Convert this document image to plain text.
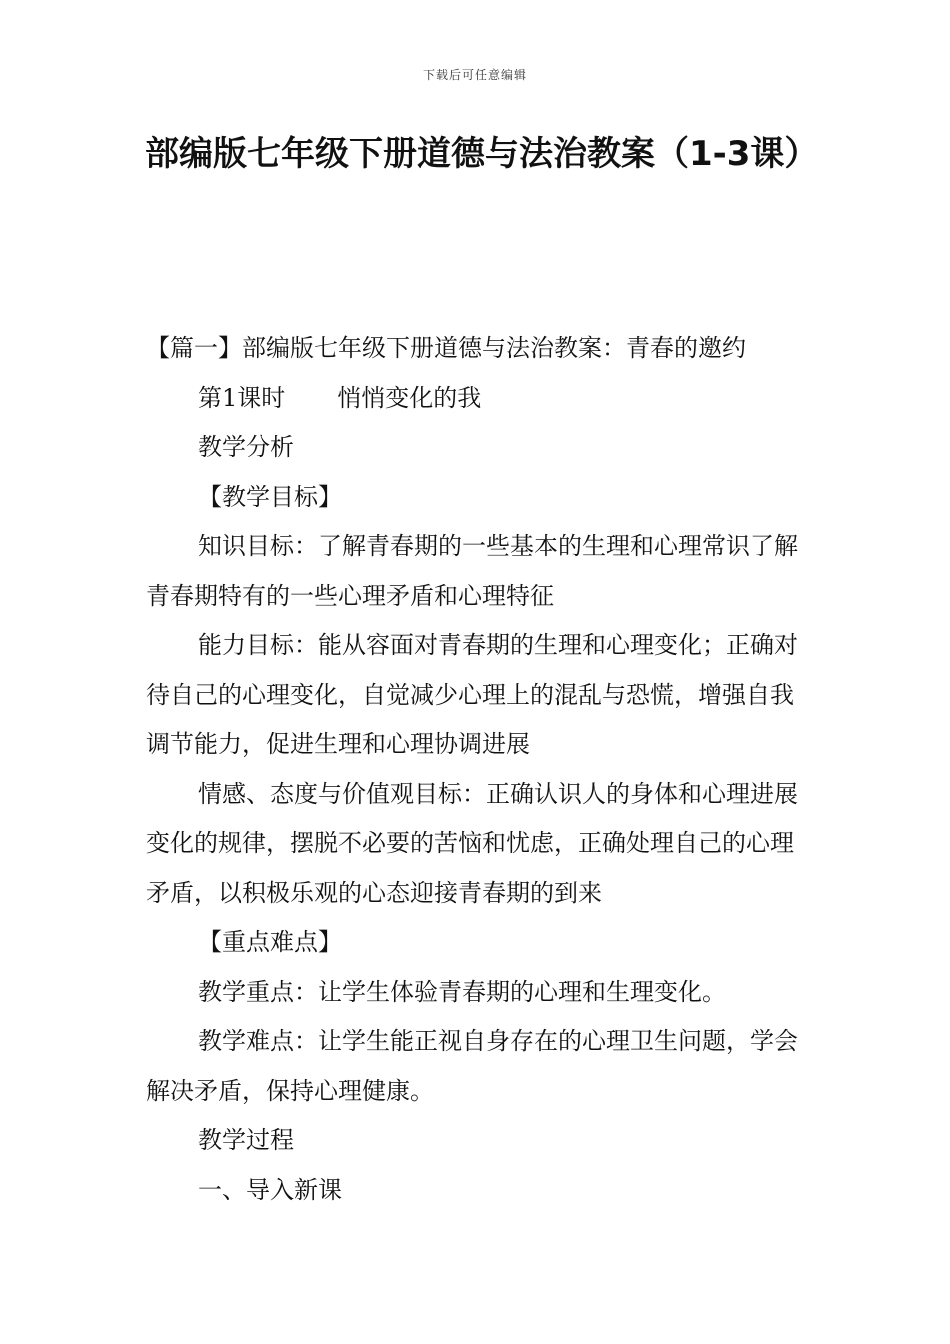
下载后可任意编辑
部编版七年级下册道德与法治教案（1-3课）

【篇一】部编版七年级下册道德与法治教案：青春的邀约

第1课时 悄悄变化的我

教学分析

【教学目标】

知识目标：了解青春期的一些基本的生理和心理常识了解青春期特有的一些心理矛盾和心理特征

能力目标：能从容面对青春期的生理和心理变化；正确对待自己的心理变化，自觉减少心理上的混乱与恐慌，增强自我调节能力，促进生理和心理协调进展

情感、态度与价值观目标：正确认识人的身体和心理进展变化的规律，摆脱不必要的苦恼和忧虑，正确处理自己的心理矛盾，以积极乐观的心态迎接青春期的到来

【重点难点】

教学重点：让学生体验青春期的心理和生理变化。

教学难点：让学生能正视自身存在的心理卫生问题，学会解决矛盾，保持心理健康。

教学过程

一、导入新课
